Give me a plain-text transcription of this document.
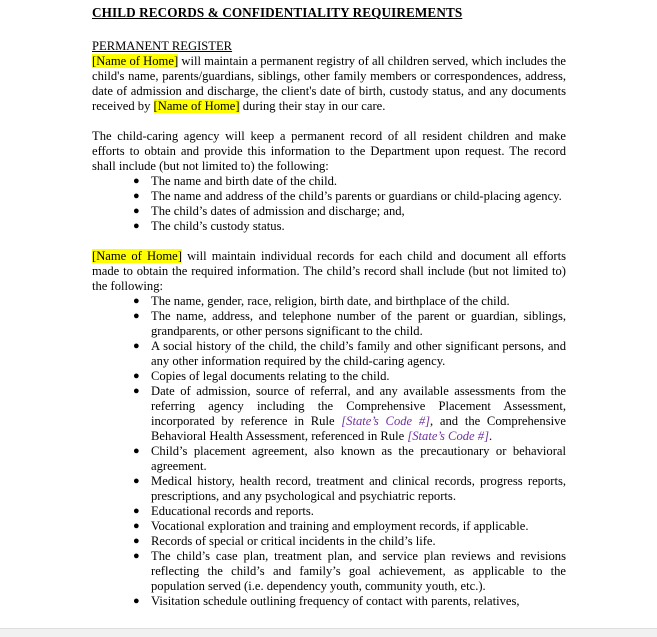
CHILD RECORDS & CONFIDENTIALITY REQUIREMENTS
PERMANENT REGISTER

[Name of Home] will maintain a permanent registry of all children served, which includes the child's name, parents/guardians, siblings, other family members or correspondences, address, date of admission and discharge, the client's date of birth, custody status, and any documents received by [Name of Home] during their stay in our care.

The child-caring agency will keep a permanent record of all resident children and make efforts to obtain and provide this information to the Department upon request. The record shall include (but not limited to) the following:

● The name and birth date of the child.
● The name and address of the child’s parents or guardians or child-placing agency.
● The child’s dates of admission and discharge; and,
● The child’s custody status.

[Name of Home] will maintain individual records for each child and document all efforts made to obtain the required information. The child’s record shall include (but not limited to) the following:

● The name, gender, race, religion, birth date, and birthplace of the child.
● The name, address, and telephone number of the parent or guardian, siblings, grandparents, or other persons significant to the child.
● A social history of the child, the child’s family and other significant persons, and any other information required by the child-caring agency.
● Copies of legal documents relating to the child.
● Date of admission, source of referral, and any available assessments from the referring agency including the Comprehensive Placement Assessment, incorporated by reference in Rule [State’s Code #], and the Comprehensive Behavioral Health Assessment, referenced in Rule [State’s Code #].
● Child’s placement agreement, also known as the precautionary or behavioral agreement.
● Medical history, health record, treatment and clinical records, progress reports, prescriptions, and any psychological and psychiatric reports.
● Educational records and reports.
● Vocational exploration and training and employment records, if applicable.
● Records of special or critical incidents in the child’s life.
● The child’s case plan, treatment plan, and service plan reviews and revisions reflecting the child’s and family’s goal achievement, as applicable to the population served (i.e. dependency youth, community youth, etc.).
● Visitation schedule outlining frequency of contact with parents, relatives,
